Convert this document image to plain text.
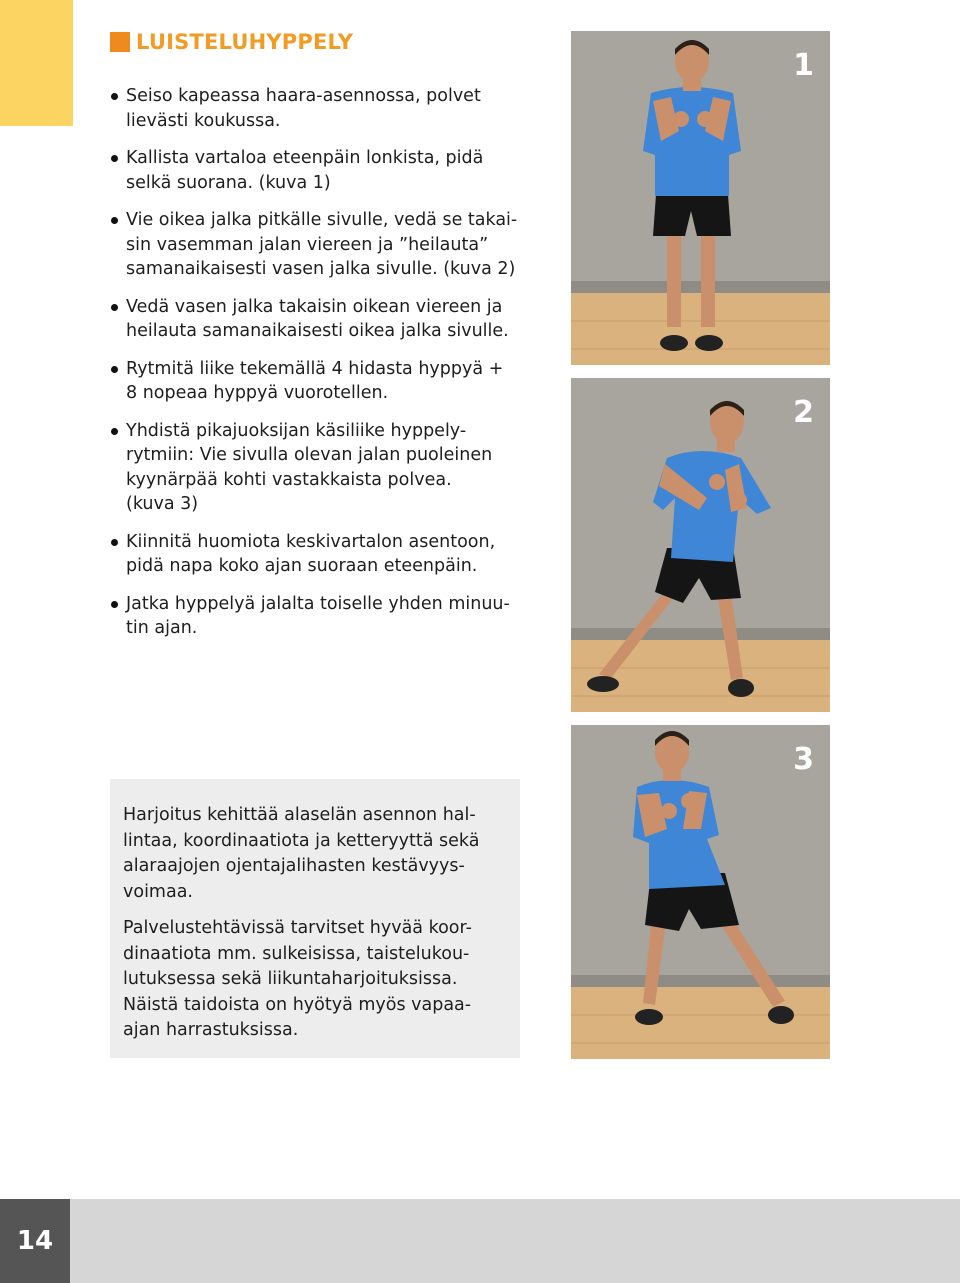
LUISTELUHYPPELY
Seiso kapeassa haara-asennossa, polvet
lievästi koukussa.
Kallista vartaloa eteenpäin lonkista, pidä
selkä suorana. (kuva 1)
Vie oikea jalka pitkälle sivulle, vedä se takai-
sin vasemman jalan viereen ja ”heilauta”
samanaikaisesti vasen jalka sivulle. (kuva 2)
Vedä vasen jalka takaisin oikean viereen ja
heilauta samanaikaisesti oikea jalka sivulle.
Rytmitä liike tekemällä 4 hidasta hyppyä +
8 nopeaa hyppyä vuorotellen.
Yhdistä pikajuoksijan käsiliike hyppely-
rytmiin: Vie sivulla olevan jalan puoleinen
kyynärpää kohti vastakkaista polvea.
(kuva 3)
Kiinnitä huomiota keskivartalon asentoon,
pidä napa koko ajan suoraan eteenpäin.
Jatka hyppelyä jalalta toiselle yhden minuu-
tin ajan.

Harjoitus kehittää alaselän asennon hal-
lintaa, koordinaatiota ja ketteryyttä sekä
alaraajojen ojentajalihasten kestävyys-
voimaa.

Palvelustehtävissä tarvitset hyvää koor-
dinaatiota mm. sulkeisissa, taistelukou-
lutuksessa sekä liikuntaharjoituksissa.
Näistä taidoista on hyötyä myös vapaa-
ajan harrastuksissa.

1
2
3
14
